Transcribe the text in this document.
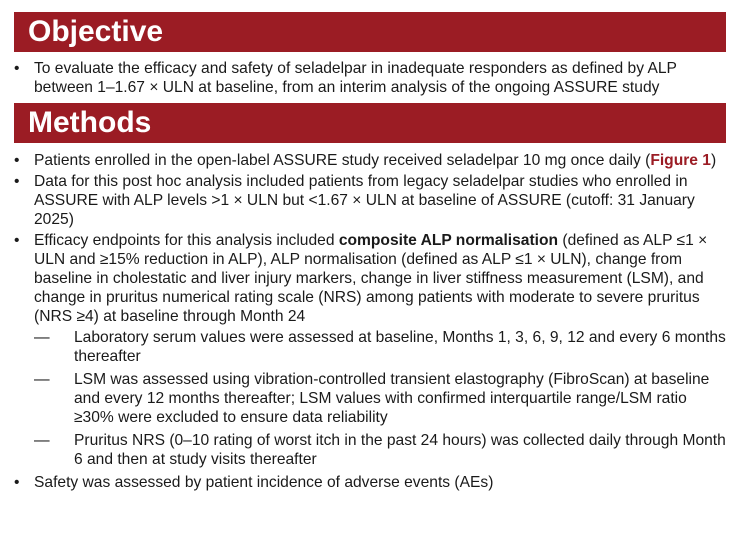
Objective
• To evaluate the efficacy and safety of seladelpar in inadequate responders as defined by ALP between 1–1.67 × ULN at baseline, from an interim analysis of the ongoing ASSURE study
Methods
• Patients enrolled in the open-label ASSURE study received seladelpar 10 mg once daily (Figure 1)
• Data for this post hoc analysis included patients from legacy seladelpar studies who enrolled in ASSURE with ALP levels >1 × ULN but <1.67 × ULN at baseline of ASSURE (cutoff: 31 January 2025)
• Efficacy endpoints for this analysis included composite ALP normalisation (defined as ALP ≤1 × ULN and ≥15% reduction in ALP), ALP normalisation (defined as ALP ≤1 × ULN), change from baseline in cholestatic and liver injury markers, change in liver stiffness measurement (LSM), and change in pruritus numerical rating scale (NRS) among patients with moderate to severe pruritus (NRS ≥4) at baseline through Month 24
— Laboratory serum values were assessed at baseline, Months 1, 3, 6, 9, 12 and every 6 months thereafter
— LSM was assessed using vibration-controlled transient elastography (FibroScan) at baseline and every 12 months thereafter; LSM values with confirmed interquartile range/LSM ratio ≥30% were excluded to ensure data reliability
— Pruritus NRS (0–10 rating of worst itch in the past 24 hours) was collected daily through Month 6 and then at study visits thereafter
• Safety was assessed by patient incidence of adverse events (AEs)
